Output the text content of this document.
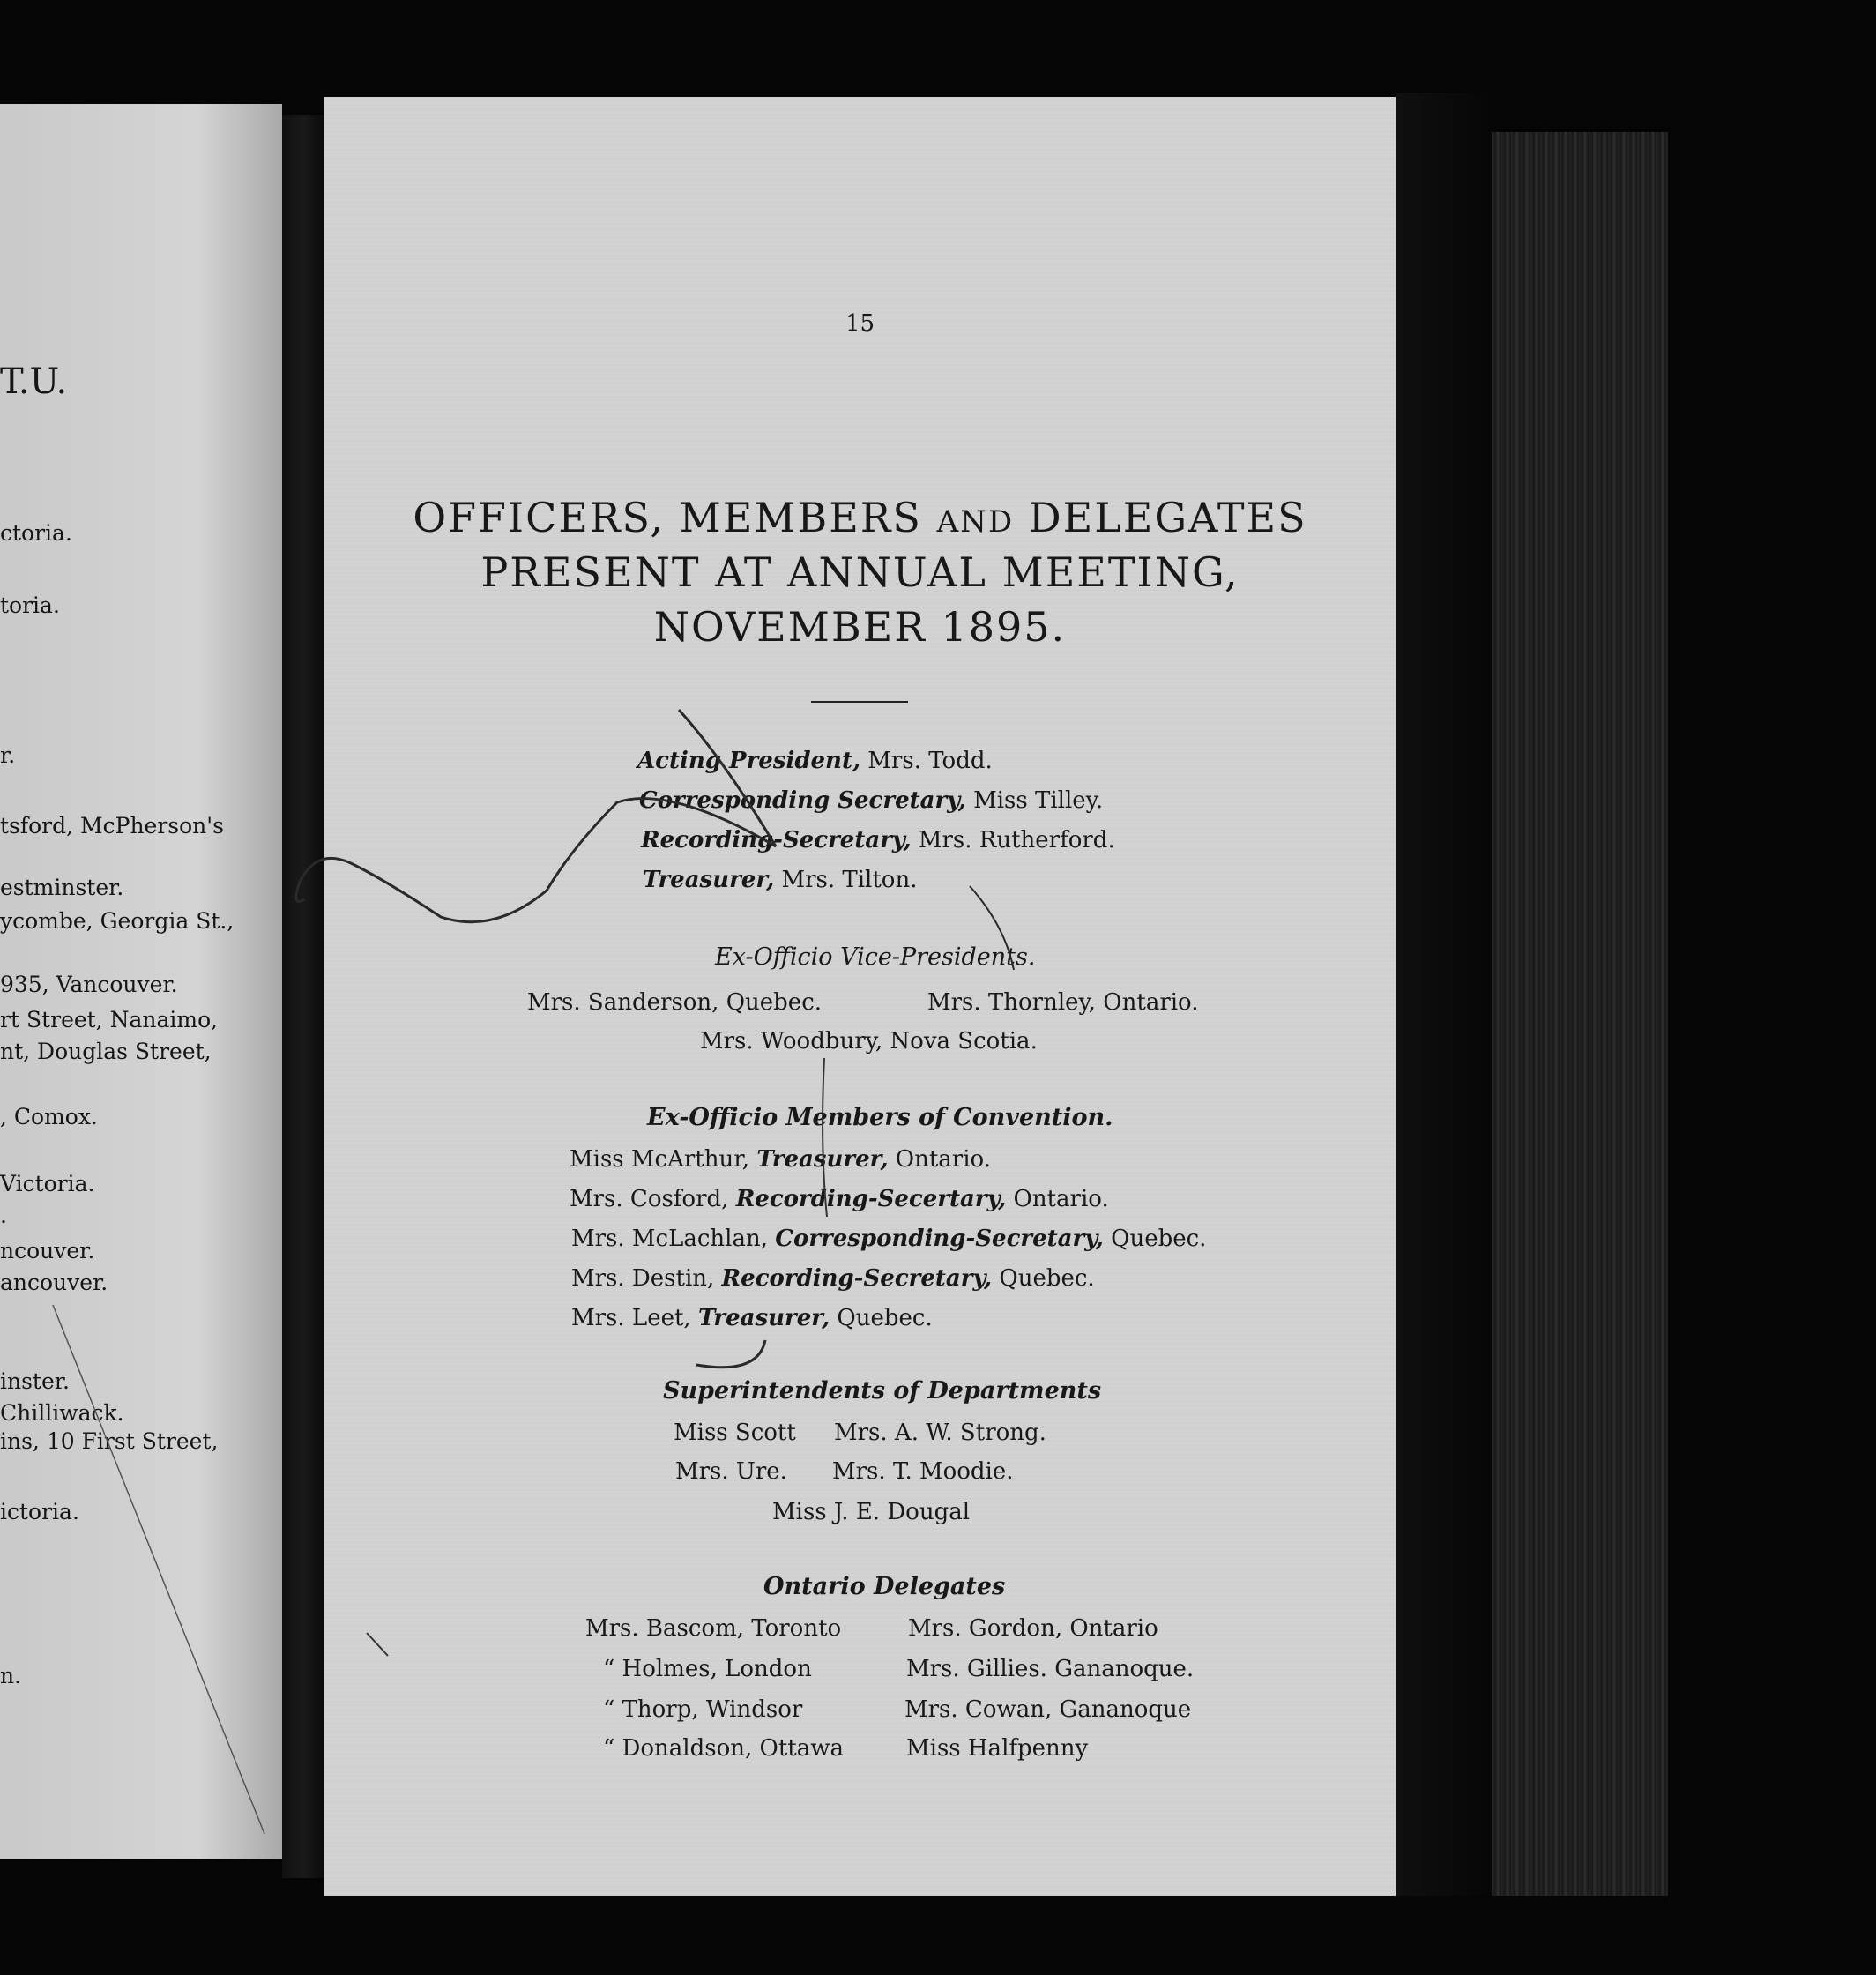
T.U.
ctoria.
toria.
r.
tsford, McPherson's
estminster.
ycombe, Georgia St.,
935, Vancouver.
rt Street, Nanaimo,
nt, Douglas Street,
, Comox.
Victoria.
.
ncouver.
ancouver.
inster.
Chilliwack.
ins, 10 First Street,
ictoria.
n.
15
OFFICERS, MEMBERS AND DELEGATES
PRESENT AT ANNUAL MEETING,
NOVEMBER 1895.
Acting President, Mrs. Todd.
Corresponding Secretary, Miss Tilley.
Recording-Secretary, Mrs. Rutherford.
Treasurer, Mrs. Tilton.
Ex-Officio Vice-Presidents.
Mrs. Sanderson, Quebec.	Mrs. Thornley, Ontario.
Mrs. Woodbury, Nova Scotia.
Ex-Officio Members of Convention.
Miss McArthur, Treasurer, Ontario.
Mrs. Cosford, Recording-Secertary, Ontario.
Mrs. McLachlan, Corresponding-Secretary, Quebec.
Mrs. Destin, Recording-Secretary, Quebec.
Mrs. Leet, Treasurer, Quebec.
Superintendents of Departments
Miss Scott Mrs. A. W. Strong.
Mrs. Ure. Mrs. T. Moodie.
Miss J. E. Dougal
Ontario Delegates
Mrs. Bascom, Toronto
“ Holmes, London
“ Thorp, Windsor
“ Donaldson, Ottawa
Mrs. Gordon, Ontario
Mrs. Gillies. Gananoque.
Mrs. Cowan, Gananoque
Miss Halfpenny
